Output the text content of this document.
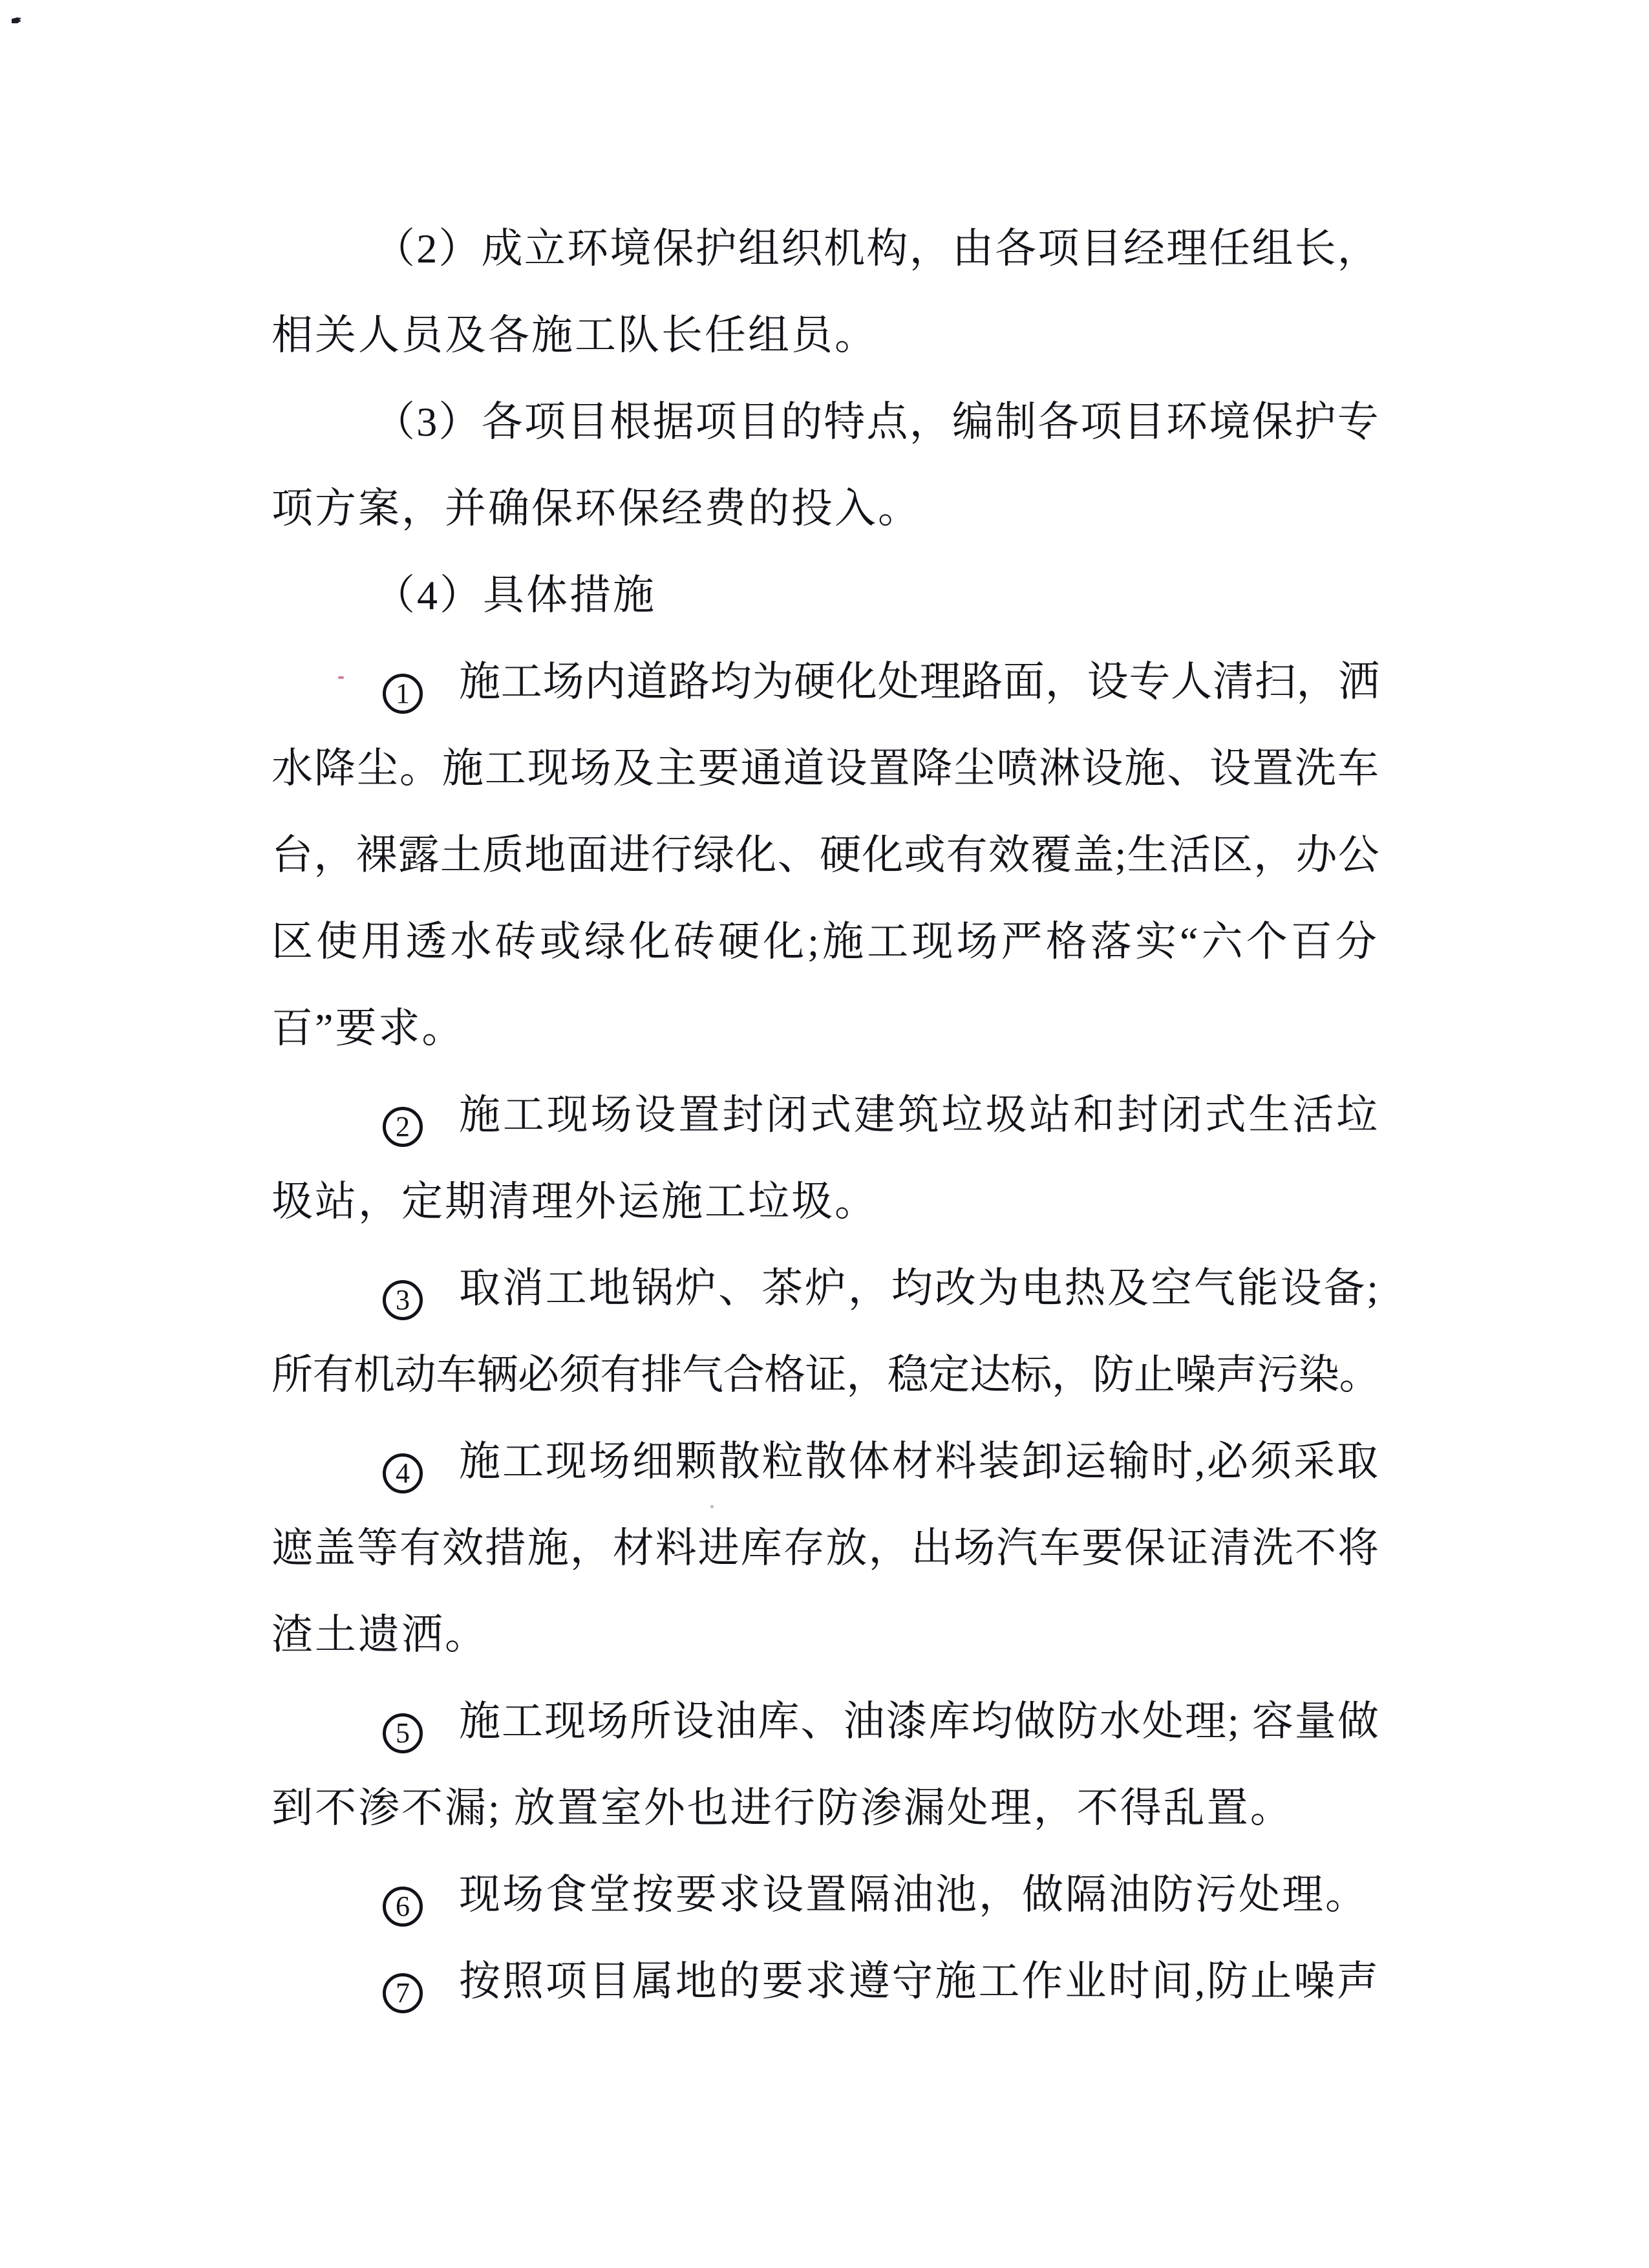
（2）成立环境保护组织机构，由各项目经理任组长，
相关人员及各施工队长任组员。
（3）各项目根据项目的特点，编制各项目环境保护专
项方案，并确保环保经费的投入。
（4）具体措施
1 施工场内道路均为硬化处理路面，设专人清扫，洒
水降尘。施工现场及主要通道设置降尘喷淋设施、设置洗车
台，裸露土质地面进行绿化、硬化或有效覆盖;生活区，办公
区使用透水砖或绿化砖硬化;施工现场严格落实“六个百分
百”要求。
2 施工现场设置封闭式建筑垃圾站和封闭式生活垃
圾站，定期清理外运施工垃圾。
3 取消工地锅炉、茶炉，均改为电热及空气能设备;
所有机动车辆必须有排气合格证，稳定达标，防止噪声污染。
4 施工现场细颗散粒散体材料装卸运输时,必须采取
遮盖等有效措施，材料进库存放，出场汽车要保证清洗不将
渣土遗洒。
5 施工现场所设油库、油漆库均做防水处理; 容量做
到不渗不漏; 放置室外也进行防渗漏处理，不得乱置。
6 现场食堂按要求设置隔油池，做隔油防污处理。
7 按照项目属地的要求遵守施工作业时间,防止噪声
